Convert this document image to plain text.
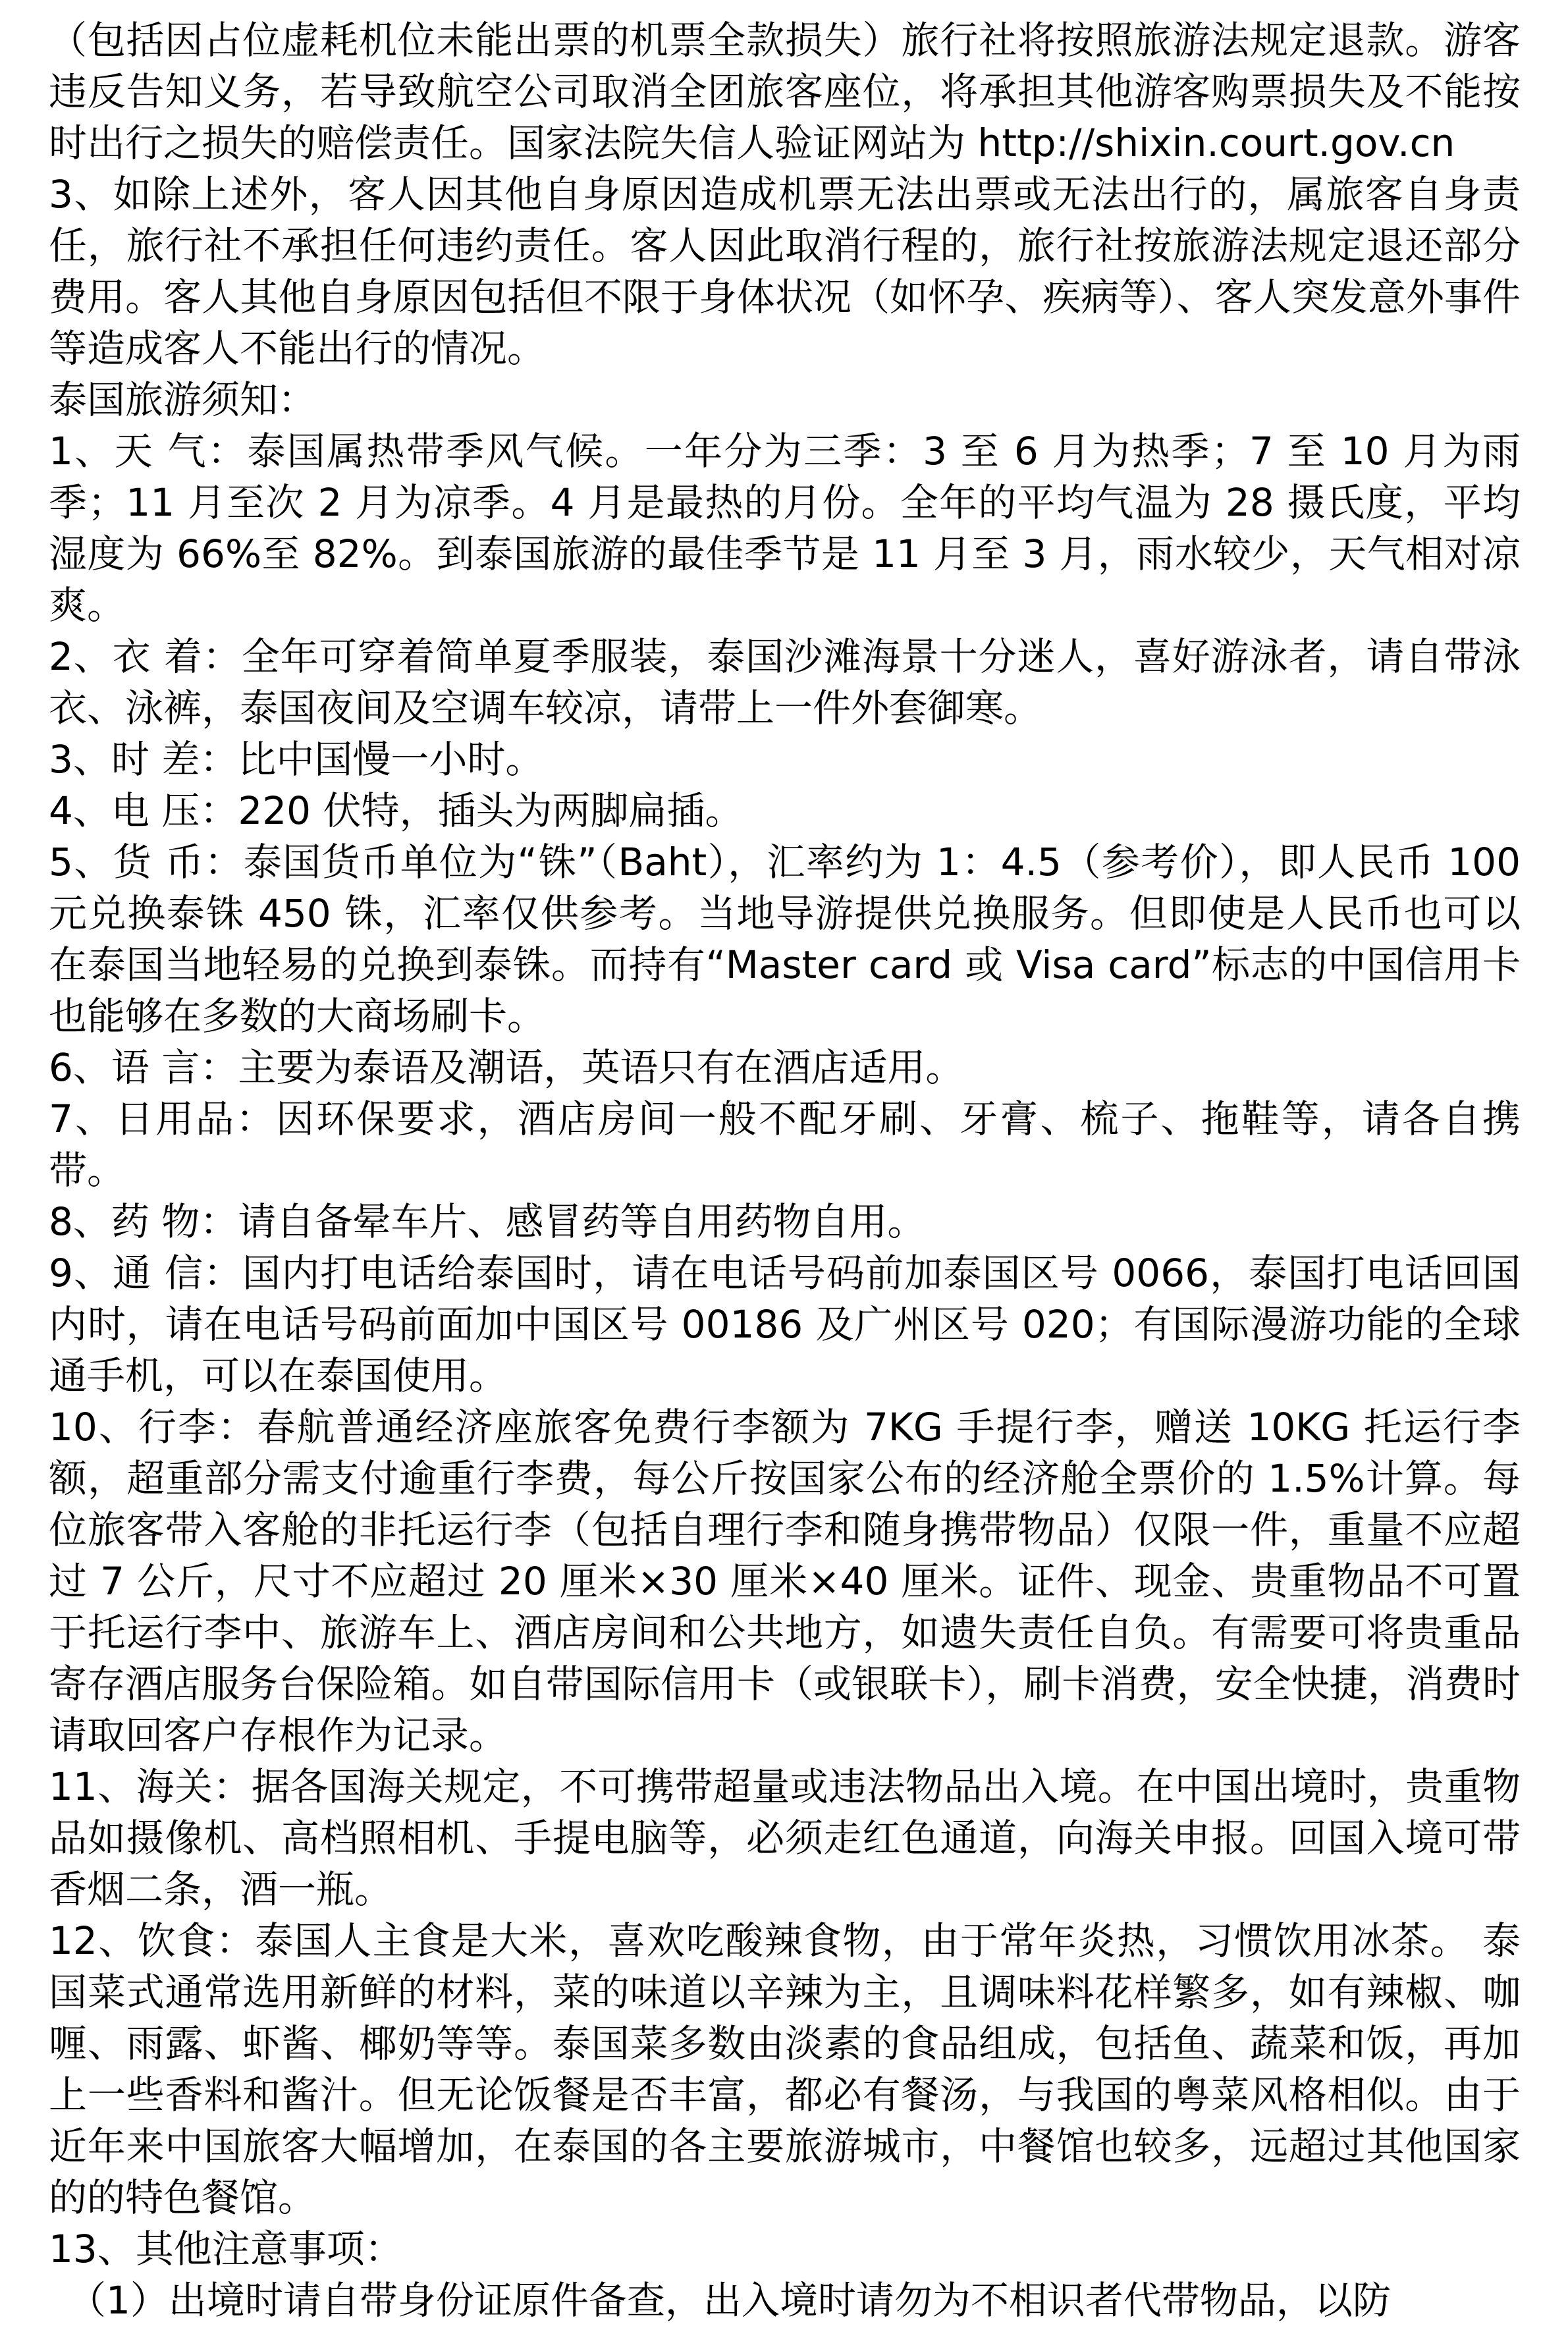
（包括因占位虚耗机位未能出票的机票全款损失）旅行社将按照旅游法规定退款。游客违反告知义务，若导致航空公司取消全团旅客座位，将承担其他游客购票损失及不能按时出行之损失的赔偿责任。国家法院失信人验证网站为 http://shixin.court.gov.cn

3、如除上述外，客人因其他自身原因造成机票无法出票或无法出行的，属旅客自身责任，旅行社不承担任何违约责任。客人因此取消行程的，旅行社按旅游法规定退还部分费用。客人其他自身原因包括但不限于身体状况（如怀孕、疾病等）、客人突发意外事件等造成客人不能出行的情况。

泰国旅游须知：

1、天 气：泰国属热带季风气候。一年分为三季：3 至 6 月为热季；7 至 10 月为雨季；11 月至次 2 月为凉季。4 月是最热的月份。全年的平均气温为 28 摄氏度，平均湿度为 66%至 82%。到泰国旅游的最佳季节是 11 月至 3 月，雨水较少，天气相对凉爽。

2、衣 着：全年可穿着简单夏季服装，泰国沙滩海景十分迷人，喜好游泳者，请自带泳衣、泳裤，泰国夜间及空调车较凉，请带上一件外套御寒。

3、时 差：比中国慢一小时。

4、电 压：220 伏特，插头为两脚扁插。

5、货 币：泰国货币单位为“铢”（Baht），汇率约为 1：4.5（参考价），即人民币 100 元兑换泰铢 450 铢，汇率仅供参考。当地导游提供兑换服务。但即使是人民币也可以在泰国当地轻易的兑换到泰铢。而持有“Master card 或 Visa card”标志的中国信用卡也能够在多数的大商场刷卡。

6、语 言：主要为泰语及潮语，英语只有在酒店适用。

7、日用品：因环保要求，酒店房间一般不配牙刷、牙膏、梳子、拖鞋等，请各自携带。

8、药 物：请自备晕车片、感冒药等自用药物自用。

9、通 信：国内打电话给泰国时，请在电话号码前加泰国区号 0066，泰国打电话回国内时，请在电话号码前面加中国区号 00186 及广州区号 020；有国际漫游功能的全球通手机，可以在泰国使用。

10、行李：春航普通经济座旅客免费行李额为 7KG 手提行李，赠送 10KG 托运行李额，超重部分需支付逾重行李费，每公斤按国家公布的经济舱全票价的 1.5%计算。每位旅客带入客舱的非托运行李（包括自理行李和随身携带物品）仅限一件，重量不应超过 7 公斤，尺寸不应超过 20 厘米×30 厘米×40 厘米。证件、现金、贵重物品不可置于托运行李中、旅游车上、酒店房间和公共地方，如遗失责任自负。有需要可将贵重品寄存酒店服务台保险箱。如自带国际信用卡（或银联卡），刷卡消费，安全快捷，消费时请取回客户存根作为记录。

11、海关：据各国海关规定，不可携带超量或违法物品出入境。在中国出境时，贵重物品如摄像机、高档照相机、手提电脑等，必须走红色通道，向海关申报。回国入境可带香烟二条，酒一瓶。

12、饮食：泰国人主食是大米，喜欢吃酸辣食物，由于常年炎热，习惯饮用冰茶。 泰国菜式通常选用新鲜的材料，菜的味道以辛辣为主，且调味料花样繁多，如有辣椒、咖喱、雨露、虾酱、椰奶等等。泰国菜多数由淡素的食品组成，包括鱼、蔬菜和饭，再加上一些香料和酱汁。但无论饭餐是否丰富，都必有餐汤，与我国的粤菜风格相似。由于近年来中国旅客大幅增加，在泰国的各主要旅游城市，中餐馆也较多，远超过其他国家的的特色餐馆。

13、其他注意事项：

（1）出境时请自带身份证原件备查，出入境时请勿为不相识者代带物品，以防
